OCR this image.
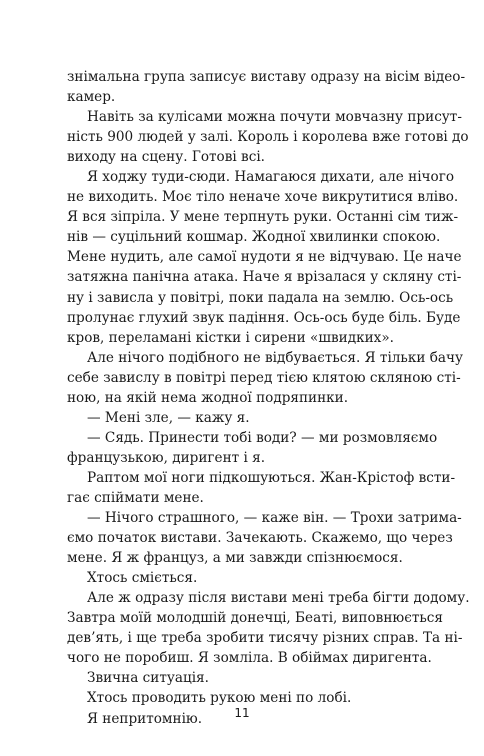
знімальна група записує виставу одразу на вісім відео-
камер.
Навіть за кулісами можна почути мовчазну присут-
ність 900 людей у залі. Король і королева вже готові до
виходу на сцену. Готові всі.
Я ходжу туди-сюди. Намагаюся дихати, але нічого
не виходить. Моє тіло неначе хоче викрутитися вліво.
Я вся зіпріла. У мене терпнуть руки. Останні сім тиж-
нів — суцільний кошмар. Жодної хвилинки спокою.
Мене нудить, але самої нудоти я не відчуваю. Це наче
затяжна панічна атака. Наче я врізалася у скляну сті-
ну і зависла у повітрі, поки падала на землю. Ось-ось
пролунає глухий звук падіння. Ось-ось буде біль. Буде
кров, переламані кістки і сирени «швидких».
Але нічого подібного не відбувається. Я тільки бачу
себе завислу в повітрі перед тією клятою скляною сті-
ною, на якій нема жодної подряпинки.
— Мені зле, — кажу я.
— Сядь. Принести тобі води? — ми розмовляємо
французькою, диригент і я.
Раптом мої ноги підкошуються. Жан-Крістоф всти-
гає спіймати мене.
— Нічого страшного, — каже він. — Трохи затрима-
ємо початок вистави. Зачекають. Скажемо, що через
мене. Я ж француз, а ми завжди спізнюємося.
Хтось сміється.
Але ж одразу після вистави мені треба бігти додому.
Завтра моїй молодшій донечці, Беаті, виповнюється
дев’ять, і ще треба зробити тисячу різних справ. Та ні-
чого не поробиш. Я зомліла. В обіймах диригента.
Звична ситуація.
Хтось проводить рукою мені по лобі.
Я непритомнію.	11
